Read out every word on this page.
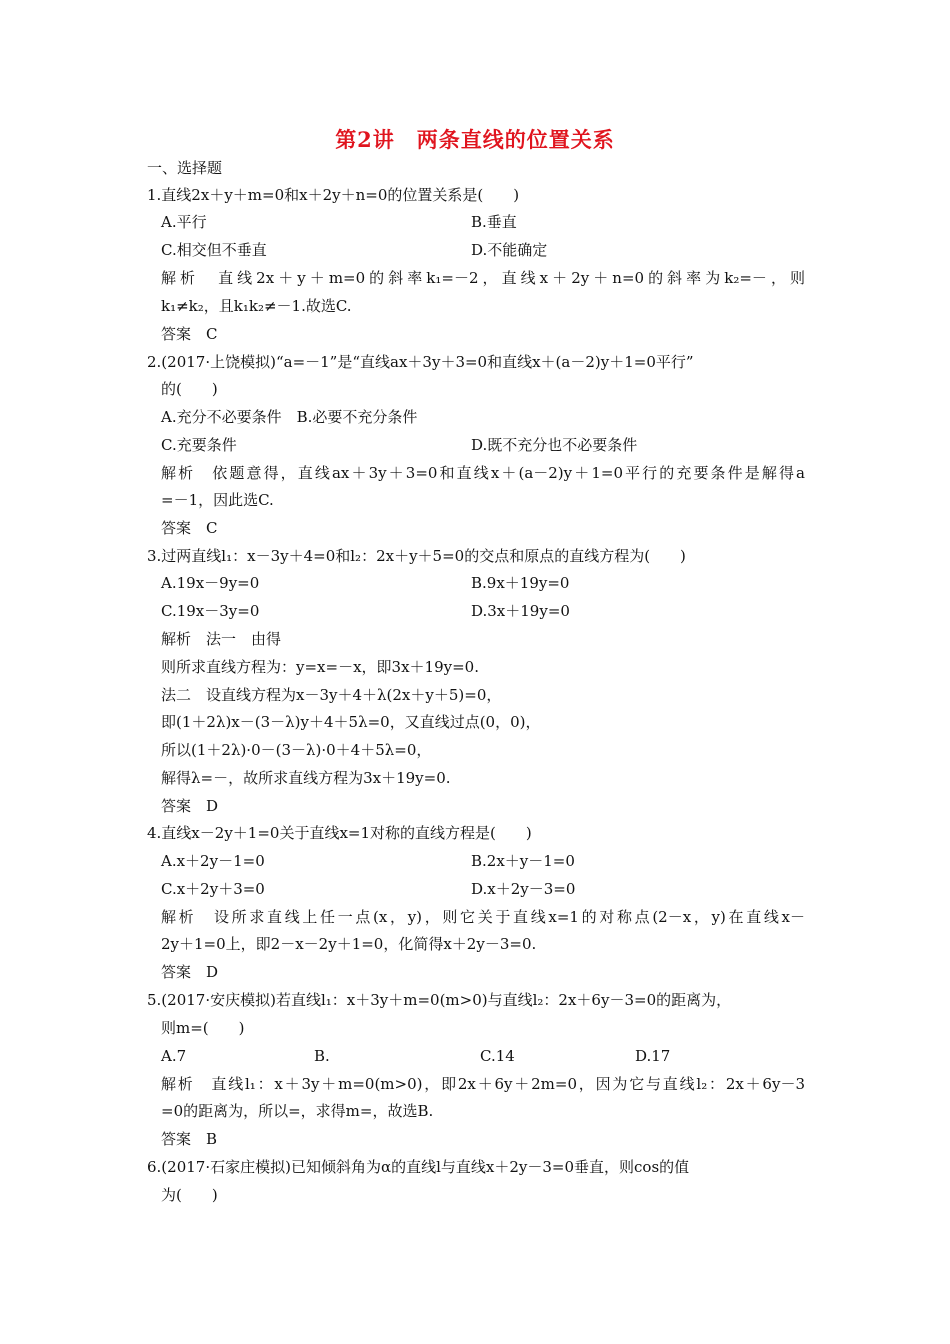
第2讲　两条直线的位置关系
一、选择题
1.直线2x＋y＋m=0和x＋2y＋n=0的位置关系是(　　)
A.平行	B.垂直
C.相交但不垂直	D.不能确定
解析　直线2x＋y＋m=0的斜率k₁=－2，直线x＋2y＋n=0的斜率为k₂=－，则
k₁≠k₂，且k₁k₂≠－1.故选C.
答案　C
2.(2017·上饶模拟)“a=－1”是“直线ax＋3y＋3=0和直线x＋(a－2)y＋1=0平行”
的(　　)
A.充分不必要条件　B.必要不充分条件
C.充要条件	D.既不充分也不必要条件
解析　依题意得，直线ax＋3y＋3=0和直线x＋(a－2)y＋1=0平行的充要条件是解得a
=－1，因此选C.
答案　C
3.过两直线l₁：x－3y＋4=0和l₂：2x＋y＋5=0的交点和原点的直线方程为(　　)
A.19x－9y=0	B.9x＋19y=0
C.19x－3y=0	D.3x＋19y=0
解析　法一　由得
则所求直线方程为：y=x=－x，即3x＋19y=0.
法二　设直线方程为x－3y＋4＋λ(2x＋y＋5)=0，
即(1＋2λ)x－(3－λ)y＋4＋5λ=0，又直线过点(0，0)，
所以(1＋2λ)·0－(3－λ)·0＋4＋5λ=0，
解得λ=－，故所求直线方程为3x＋19y=0.
答案　D
4.直线x－2y＋1=0关于直线x=1对称的直线方程是(　　)
A.x＋2y－1=0	B.2x＋y－1=0
C.x＋2y＋3=0	D.x＋2y－3=0
解析　设所求直线上任一点(x，y)，则它关于直线x=1的对称点(2－x，y)在直线x－
2y＋1=0上，即2－x－2y＋1=0，化简得x＋2y－3=0.
答案　D
5.(2017·安庆模拟)若直线l₁：x＋3y＋m=0(m>0)与直线l₂：2x＋6y－3=0的距离为，
则m=(　　)
A.7	B.	C.14	D.17
解析　直线l₁：x＋3y＋m=0(m>0)，即2x＋6y＋2m=0，因为它与直线l₂：2x＋6y－3
=0的距离为，所以=，求得m=，故选B.
答案　B
6.(2017·石家庄模拟)已知倾斜角为α的直线l与直线x＋2y－3=0垂直，则cos的值
为(　　)
